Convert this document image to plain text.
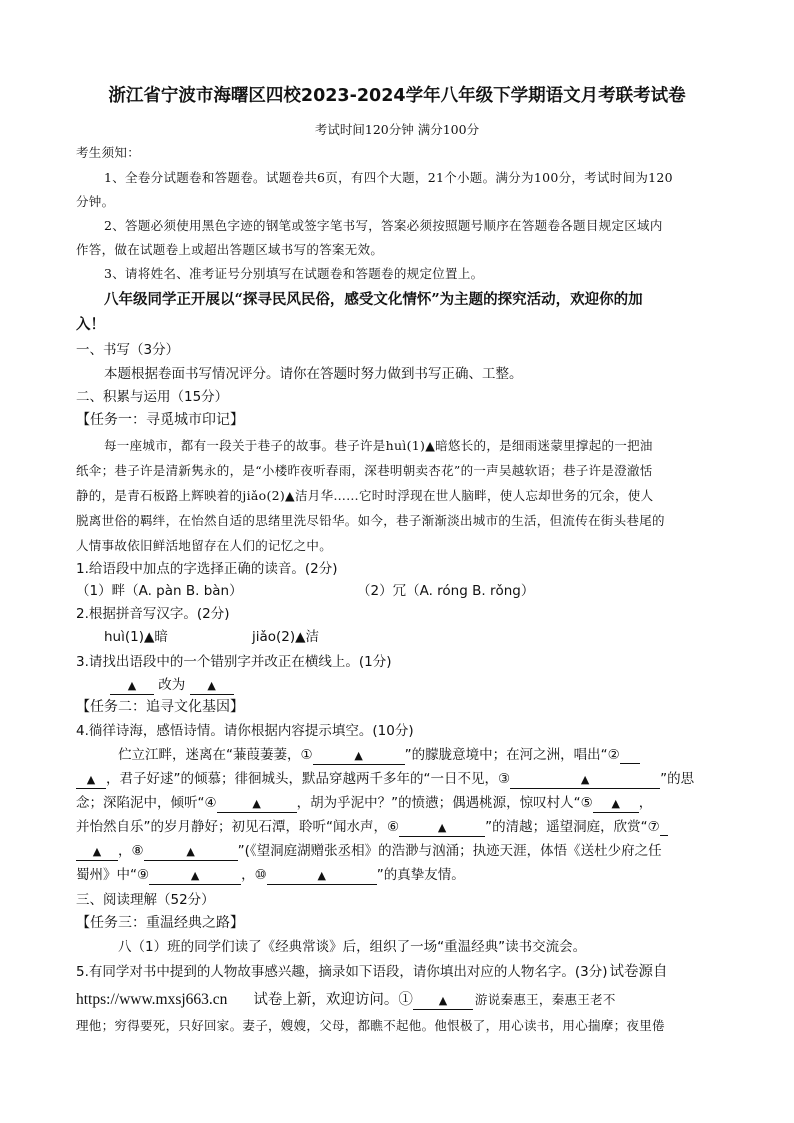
浙江省宁波市海曙区四校2023-2024学年八年级下学期语文月考联考试卷
考试时间120分钟 满分100分
考生须知：
1、全卷分试题卷和答题卷。试题卷共6页，有四个大题，21个小题。满分为100分，考试时间为120
分钟。
2、答题必须使用黑色字迹的钢笔或签字笔书写，答案必须按照题号顺序在答题卷各题目规定区域内
作答，做在试题卷上或超出答题区域书写的答案无效。
3、请将姓名、准考证号分别填写在试题卷和答题卷的规定位置上。
八年级同学正开展以“探寻民风民俗，感受文化情怀”为主题的探究活动，欢迎你的加
入！
一、书写（3分）
本题根据卷面书写情况评分。请你在答题时努力做到书写正确、工整。
二、积累与运用（15分）
【任务一：寻觅城市印记】
每一座城市，都有一段关于巷子的故事。巷子许是huì(1)▲暗悠长的，是细雨迷蒙里撑起的一把油
纸伞；巷子许是清新隽永的，是“小楼昨夜听春雨，深巷明朝卖杏花”的一声吴越软语；巷子许是澄澈恬
静的，是青石板路上辉映着的jiǎo(2)▲洁月华……它时时浮现在世人脑畔，使人忘却世务的冗余，使人
脱离世俗的羁绊，在怡然自适的思绪里洗尽铅华。如今，巷子渐渐淡出城市的生活，但流传在街头巷尾的
人情事故依旧鲜活地留存在人们的记忆之中。
1.给语段中加点的字选择正确的读音。(2分)
（1）畔（A. pàn B. bàn）	（2）冗（A. róng B. rǒng）
2.根据拼音写汉字。(2分)
huì(1)▲暗	jiǎo(2)▲洁
3.请找出语段中的一个错别字并改正在横线上。(1分)
▲ 改为 ▲
【任务二：追寻文化基因】
4.徜徉诗海，感悟诗情。请你根据内容提示填空。(10分)
伫立江畔，迷离在“蒹葭萋萋，①	▲	”的朦胧意境中；在河之洲，唱出“②
▲ ，君子好逑”的倾慕；徘徊城头，默品穿越两千多年的“一日不见，③	▲	”的思
念；深陷泥中，倾听“④	▲	，胡为乎泥中？”的愤懑；偶遇桃源，惊叹村人“⑤ ▲ ，
并怡然自乐”的岁月静好；初见石潭，聆听“闻水声，⑥	▲	”的清越；遥望洞庭，欣赏“⑦
▲ ，⑧	▲	”(《望洞庭湖赠张丞相》的浩渺与汹涌；执迹天涯，体悟《送杜少府之任
蜀州》中“⑨	▲	，⑩	▲	”的真挚友情。
三、阅读理解（52分）
【任务三：重温经典之路】
八（1）班的同学们读了《经典常谈》后，组织了一场“重温经典”读书交流会。
5.有同学对书中提到的人物故事感兴趣，摘录如下语段，请你填出对应的人物名字。(3分) 试卷源自
https://www.mxsj663.cn 试卷上新，欢迎访问。① ▲ 游说秦惠王，秦惠王老不
理他；穷得要死，只好回家。妻子，嫂嫂，父母，都瞧不起他。他恨极了，用心读书，用心揣摩；夜里倦
